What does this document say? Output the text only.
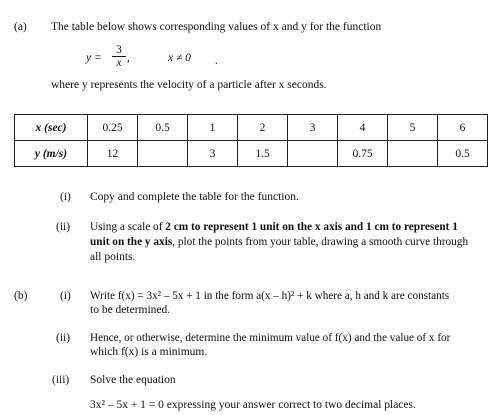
(a) The table below shows corresponding values of x and y for the function
$y = \frac{3}{x}$ ,	x ≠ 0 .
where y represents the velocity of a particle after x seconds.
x (sec)	0.25	0.5	1	2	3	4	5	6
y (m/s)	12		3	1.5		0.75		0.5
(i) Copy and complete the table for the function.
(ii) Using a scale of 2 cm to represent 1 unit on the x axis and 1 cm to represent 1
unit on the y axis, plot the points from your table, drawing a smooth curve through
all points.
(b)	(i) Write f(x) = 3x² – 5x + 1 in the form a(x – h)² + k where a, h and k are constants
to be determined.
(ii) Hence, or otherwise, determine the minimum value of f(x) and the value of x for
which f(x) is a minimum.
(iii) Solve the equation
3x² – 5x + 1 = 0 expressing your answer correct to two decimal places.
